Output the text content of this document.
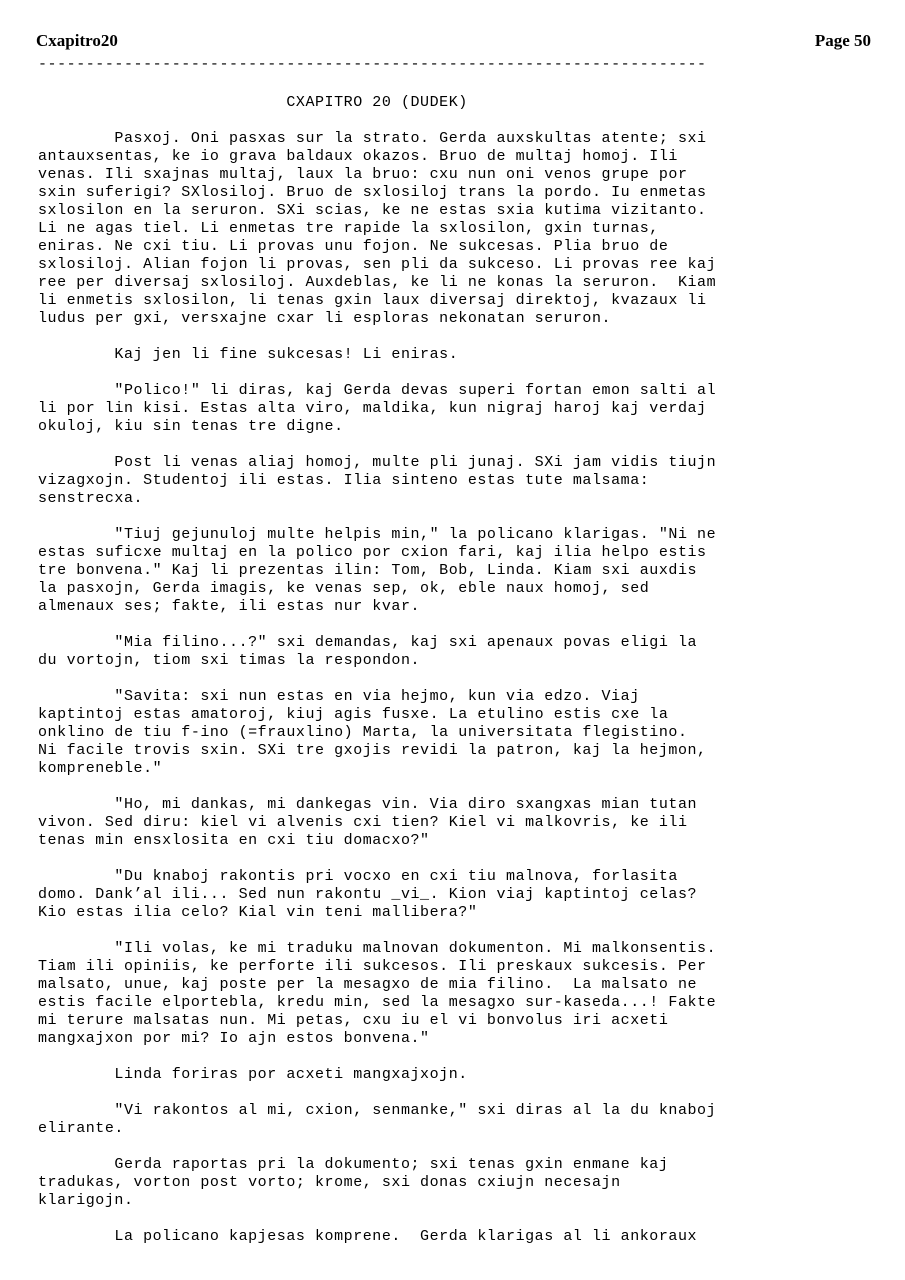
Cxapitro20	Page 50
----------------------------------------------------------------------
CXAPITRO 20 (DUDEK)

Pasxoj. Oni pasxas sur la strato. Gerda auxskultas atente; sxi
antauxsentas, ke io grava baldaux okazos. Bruo de multaj homoj. Ili
venas. Ili sxajnas multaj, laux la bruo: cxu nun oni venos grupe por
sxin suferigi? SXlosiloj. Bruo de sxlosiloj trans la pordo. Iu enmetas
sxlosilon en la seruron. SXi scias, ke ne estas sxia kutima vizitanto.
Li ne agas tiel. Li enmetas tre rapide la sxlosilon, gxin turnas,
eniras. Ne cxi tiu. Li provas unu fojon. Ne sukcesas. Plia bruo de
sxlosiloj. Alian fojon li provas, sen pli da sukceso. Li provas ree kaj
ree per diversaj sxlosiloj. Auxdeblas, ke li ne konas la seruron.  Kiam
li enmetis sxlosilon, li tenas gxin laux diversaj direktoj, kvazaux li
ludus per gxi, versxajne cxar li esploras nekonatan seruron.

Kaj jen li fine sukcesas! Li eniras.

"Polico!" li diras, kaj Gerda devas superi fortan emon salti al
li por lin kisi. Estas alta viro, maldika, kun nigraj haroj kaj verdaj
okuloj, kiu sin tenas tre digne.

Post li venas aliaj homoj, multe pli junaj. SXi jam vidis tiujn
vizagxojn. Studentoj ili estas. Ilia sinteno estas tute malsama:
senstrecxa.

"Tiuj gejunuloj multe helpis min," la policano klarigas. "Ni ne
estas suficxe multaj en la polico por cxion fari, kaj ilia helpo estis
tre bonvena." Kaj li prezentas ilin: Tom, Bob, Linda. Kiam sxi auxdis
la pasxojn, Gerda imagis, ke venas sep, ok, eble naux homoj, sed
almenaux ses; fakte, ili estas nur kvar.

"Mia filino...?" sxi demandas, kaj sxi apenaux povas eligi la
du vortojn, tiom sxi timas la respondon.

"Savita: sxi nun estas en via hejmo, kun via edzo. Viaj
kaptintoj estas amatoroj, kiuj agis fusxe. La etulino estis cxe la
onklino de tiu f-ino (=frauxlino) Marta, la universitata flegistino.
Ni facile trovis sxin. SXi tre gxojis revidi la patron, kaj la hejmon,
kompreneble."

"Ho, mi dankas, mi dankegas vin. Via diro sxangxas mian tutan
vivon. Sed diru: kiel vi alvenis cxi tien? Kiel vi malkovris, ke ili
tenas min ensxlosita en cxi tiu domacxo?"

"Du knaboj rakontis pri vocxo en cxi tiu malnova, forlasita
domo. Dank’al ili... Sed nun rakontu _vi_. Kion viaj kaptintoj celas?
Kio estas ilia celo? Kial vin teni mallibera?"

"Ili volas, ke mi traduku malnovan dokumenton. Mi malkonsentis.
Tiam ili opiniis, ke perforte ili sukcesos. Ili preskaux sukcesis. Per
malsato, unue, kaj poste per la mesagxo de mia filino.  La malsato ne
estis facile elportebla, kredu min, sed la mesagxo sur-kaseda...! Fakte
mi terure malsatas nun. Mi petas, cxu iu el vi bonvolus iri acxeti
mangxajxon por mi? Io ajn estos bonvena."

Linda foriras por acxeti mangxajxojn.

"Vi rakontos al mi, cxion, senmanke," sxi diras al la du knaboj
elirante.

Gerda raportas pri la dokumento; sxi tenas gxin enmane kaj
tradukas, vorton post vorto; krome, sxi donas cxiujn necesajn
klarigojn.

La policano kapjesas komprene.  Gerda klarigas al li ankoraux
